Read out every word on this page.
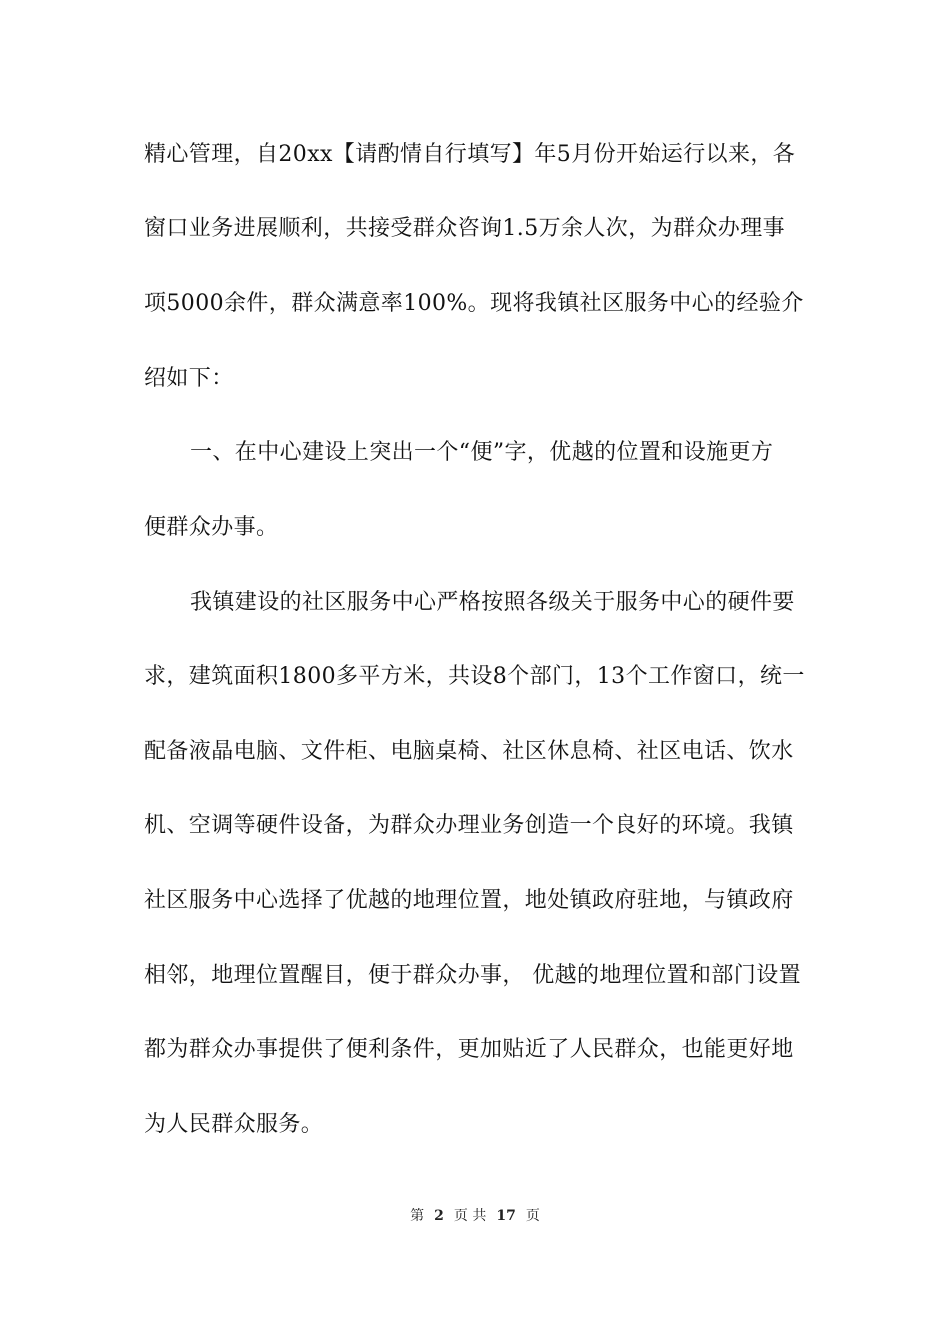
精心管理，自20xx【请酌情自行填写】年5月份开始运行以来，各
窗口业务进展顺利，共接受群众咨询1.5万余人次，为群众办理事
项5000余件，群众满意率100%。现将我镇社区服务中心的经验介
绍如下：
一、在中心建设上突出一个“便”字，优越的位置和设施更方
便群众办事。
我镇建设的社区服务中心严格按照各级关于服务中心的硬件要
求，建筑面积1800多平方米，共设8个部门，13个工作窗口，统一
配备液晶电脑、文件柜、电脑桌椅、社区休息椅、社区电话、饮水
机、空调等硬件设备，为群众办理业务创造一个良好的环境。我镇
社区服务中心选择了优越的地理位置，地处镇政府驻地，与镇政府
相邻，地理位置醒目，便于群众办事， 优越的地理位置和部门设置
都为群众办事提供了便利条件，更加贴近了人民群众，也能更好地
为人民群众服务。
第 2 页 共 17 页
